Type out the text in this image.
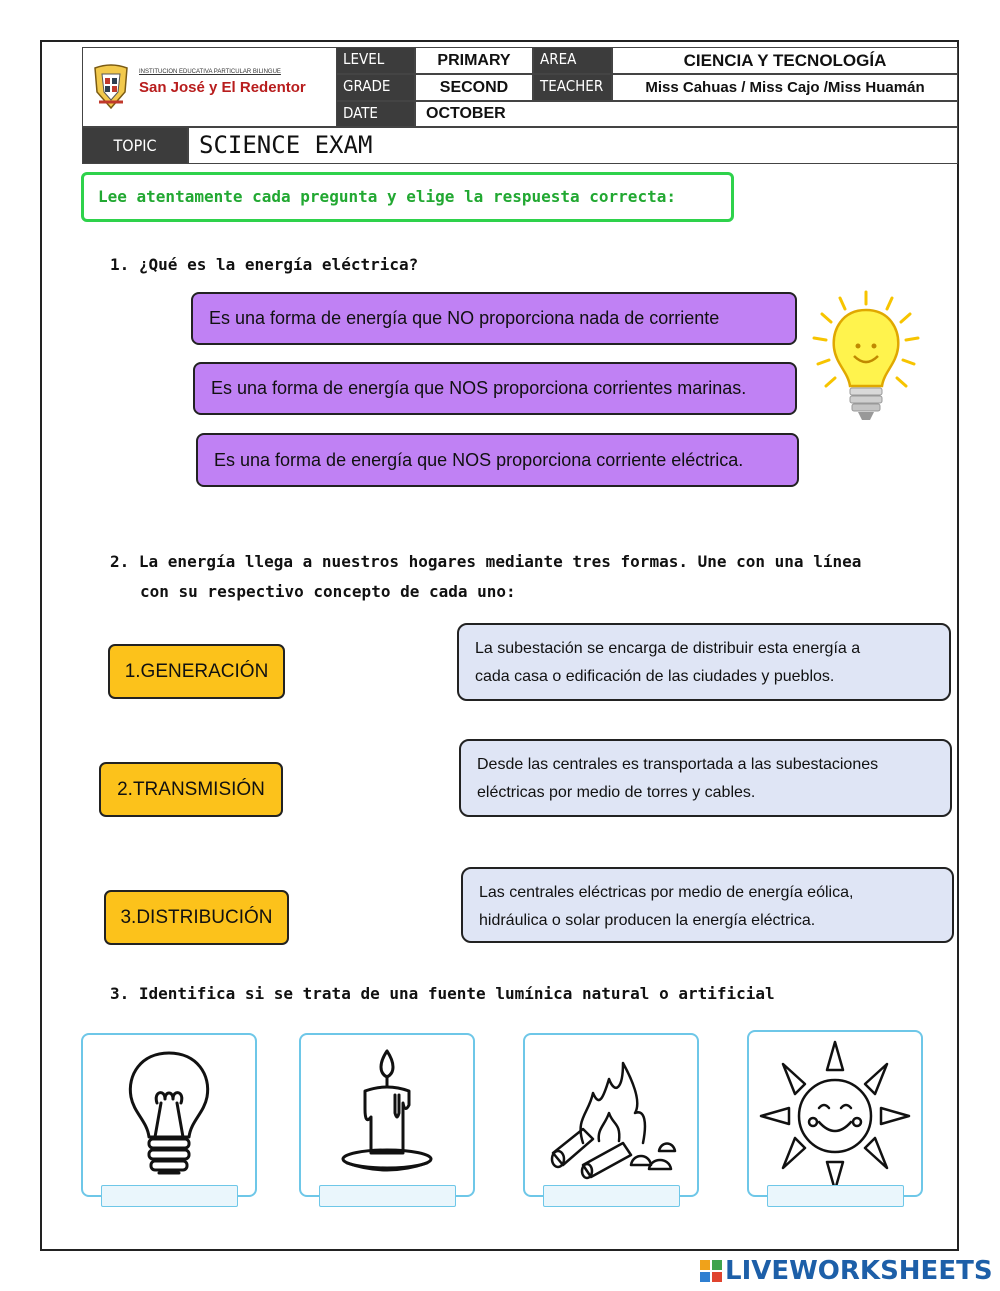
INSTITUCION EDUCATIVA PARTICULAR BILINGUE
San José y El Redentor
LEVEL	PRIMARY	AREA	CIENCIA Y TECNOLOGÍA
GRADE	SECOND	TEACHER	Miss Cahuas / Miss Cajo /Miss Huamán
DATE	OCTOBER
TOPIC	SCIENCE EXAM
Lee atentamente cada pregunta y elige la respuesta correcta:
1. ¿Qué es la energía eléctrica?
Es una forma de energía que NO proporciona nada de corriente
Es una forma de energía que NOS proporciona corrientes marinas.
Es una forma de energía que NOS proporciona corriente eléctrica.
2. La energía llega a nuestros hogares mediante tres formas. Une con una línea
con su respectivo concepto de cada uno:
1.GENERACIÓN
2.TRANSMISIÓN
3.DISTRIBUCIÓN
La subestación se encarga de distribuir esta energía a
cada casa o edificación de las ciudades y pueblos.
Desde las centrales es transportada a las subestaciones
eléctricas por medio de torres y cables.
Las centrales eléctricas por medio de energía eólica,
hidráulica o solar producen la energía eléctrica.
3. Identifica si se trata de una fuente lumínica natural o artificial
LIVEWORKSHEETS
